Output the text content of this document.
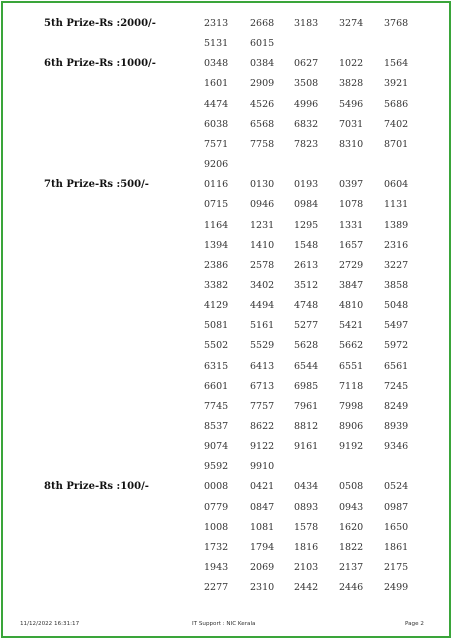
5th Prize-Rs :2000/-	2313 2668 3183 3274 3768
5131 6015
6th Prize-Rs :1000/-	0348 0384 0627 1022 1564
1601 2909 3508 3828 3921
4474 4526 4996 5496 5686
6038 6568 6832 7031 7402
7571 7758 7823 8310 8701
9206
7th Prize-Rs :500/-	0116 0130 0193 0397 0604
0715 0946 0984 1078 1131
1164 1231 1295 1331 1389
1394 1410 1548 1657 2316
2386 2578 2613 2729 3227
3382 3402 3512 3847 3858
4129 4494 4748 4810 5048
5081 5161 5277 5421 5497
5502 5529 5628 5662 5972
6315 6413 6544 6551 6561
6601 6713 6985 7118 7245
7745 7757 7961 7998 8249
8537 8622 8812 8906 8939
9074 9122 9161 9192 9346
9592 9910
8th Prize-Rs :100/-	0008 0421 0434 0508 0524
0779 0847 0893 0943 0987
1008 1081 1578 1620 1650
1732 1794 1816 1822 1861
1943 2069 2103 2137 2175
2277 2310 2442 2446 2499
11/12/2022 16:31:17	IT Support : NIC Kerala	Page 2
